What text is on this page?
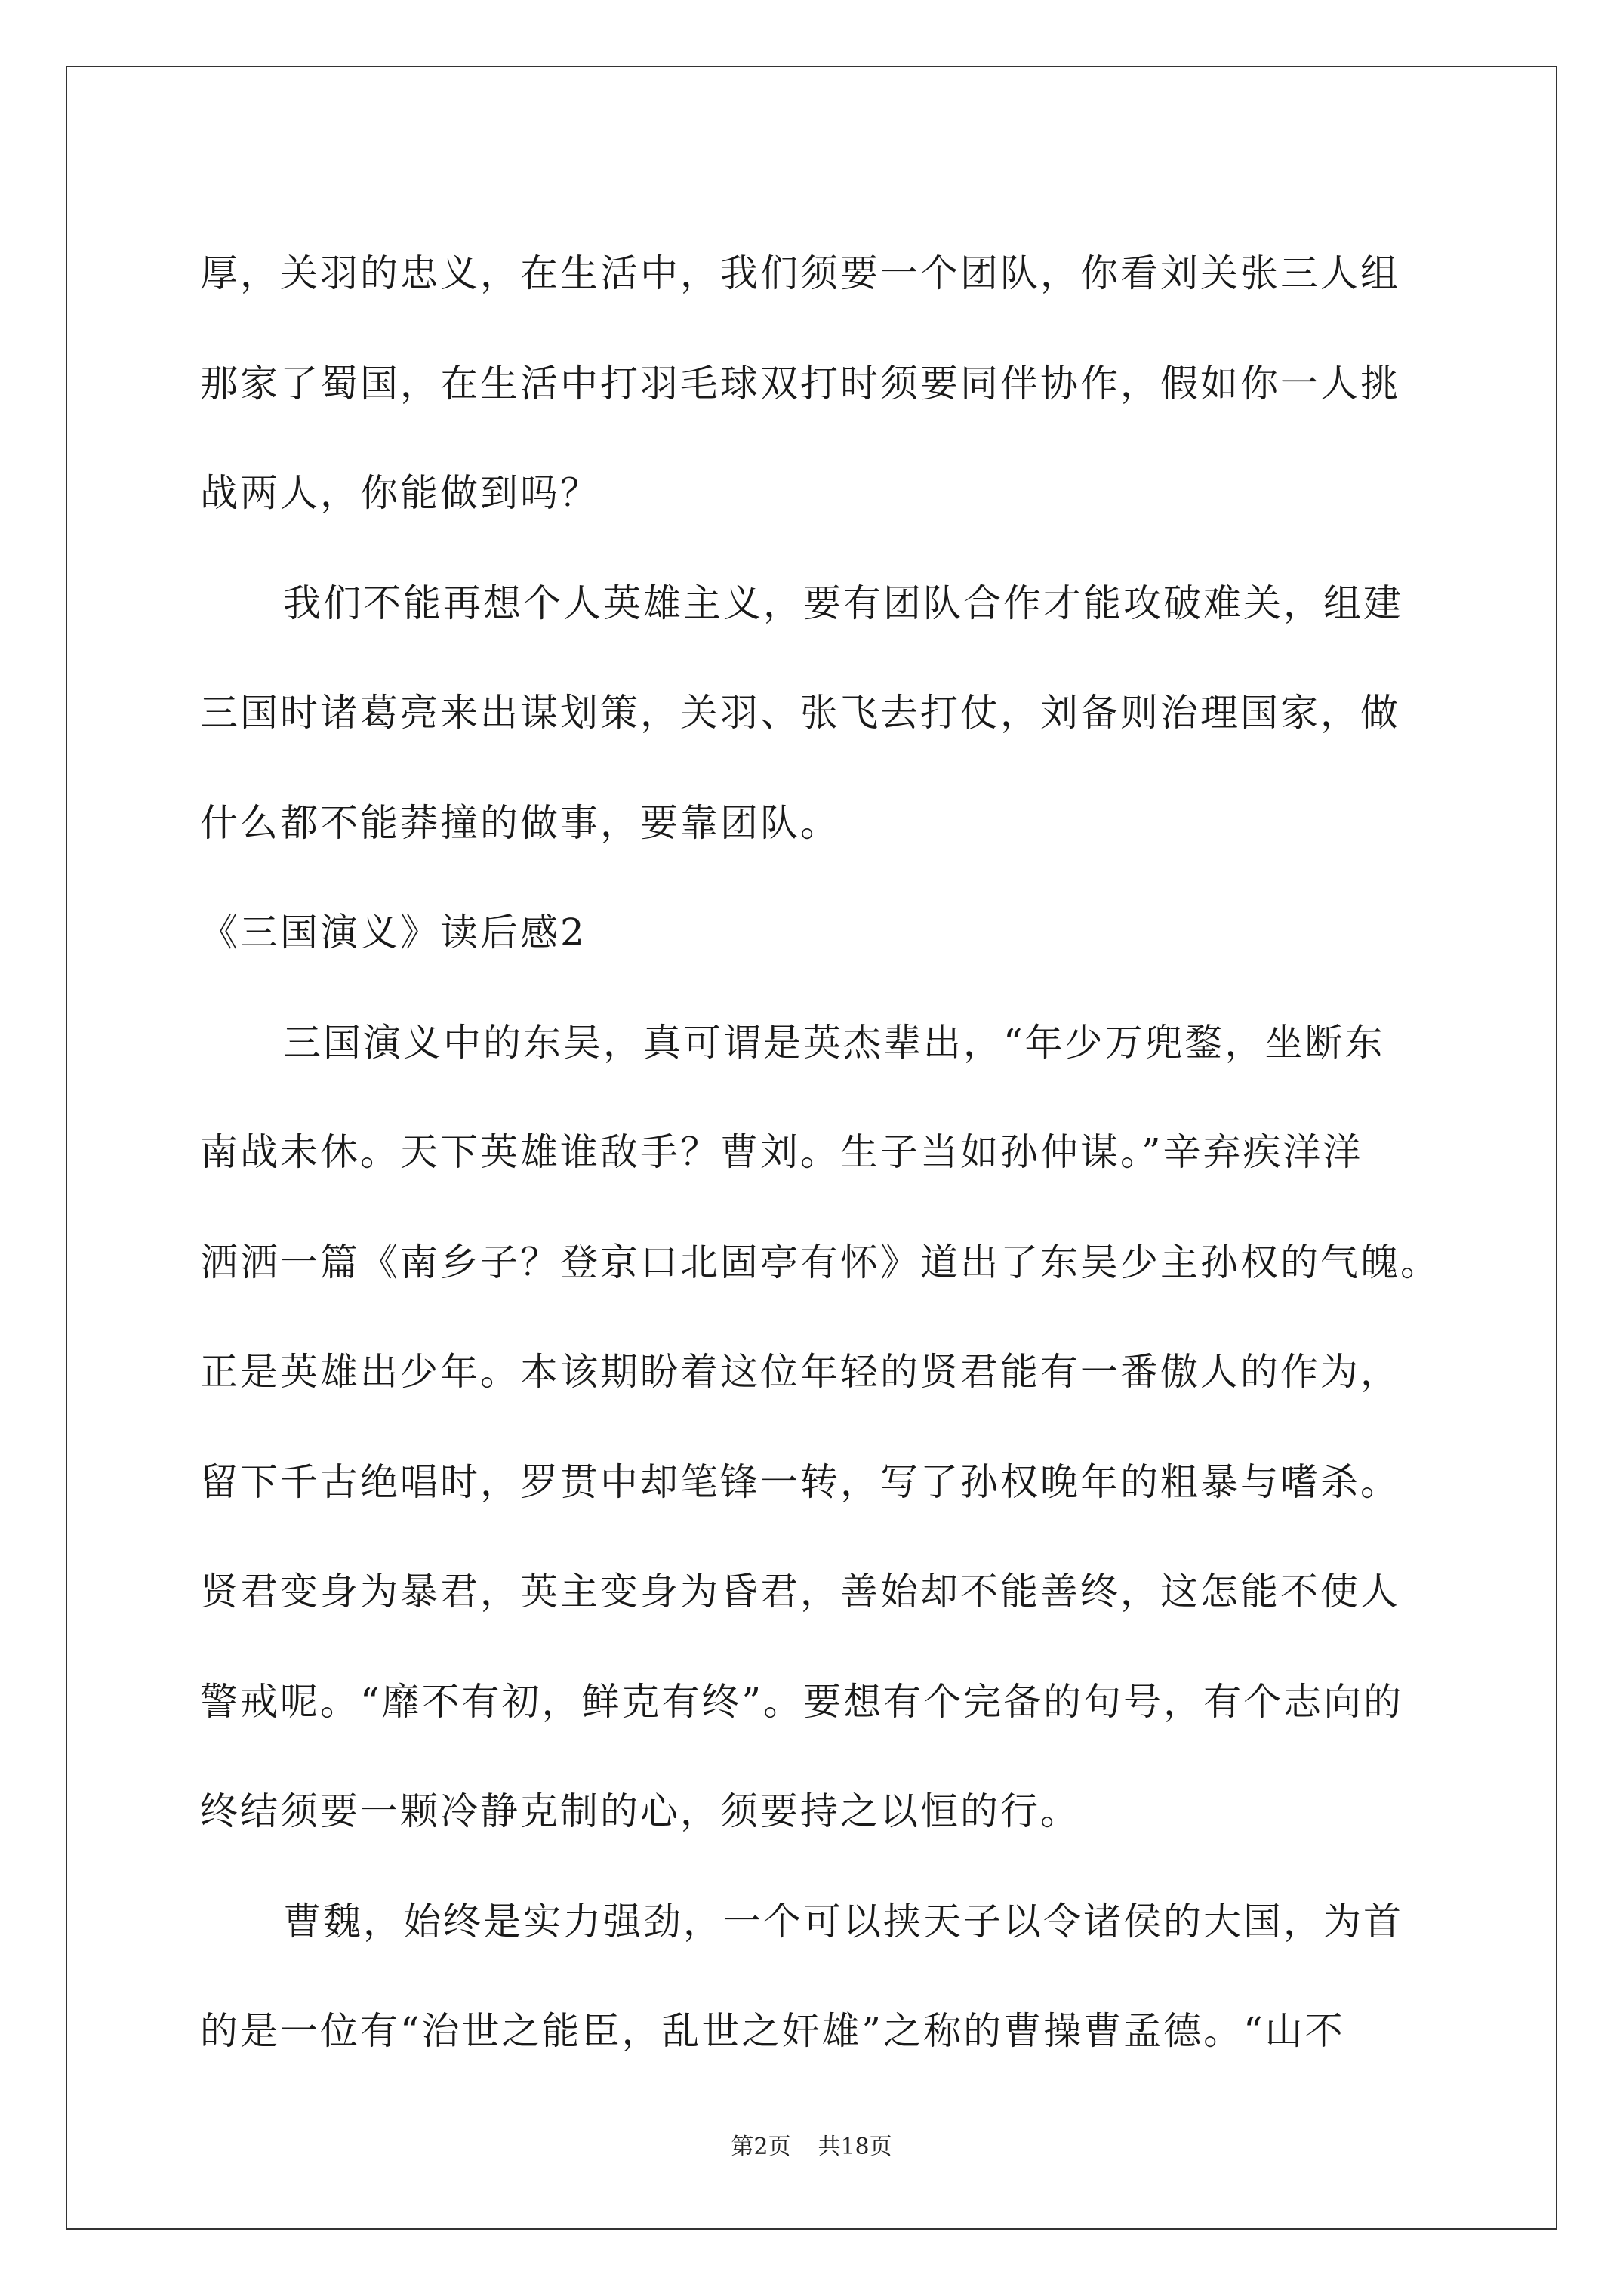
厚，关羽的忠义，在生活中，我们须要一个团队，你看刘关张三人组
那家了蜀国，在生活中打羽毛球双打时须要同伴协作，假如你一人挑
战两人，你能做到吗？
我们不能再想个人英雄主义，要有团队合作才能攻破难关，组建
三国时诸葛亮来出谋划策，关羽、张飞去打仗，刘备则治理国家，做
什么都不能莽撞的做事，要靠团队。
《三国演义》读后感2
三国演义中的东吴，真可谓是英杰辈出，“年少万兜鍪，坐断东
南战未休。天下英雄谁敌手？曹刘。生子当如孙仲谋。”辛弃疾洋洋
洒洒一篇《南乡子？登京口北固亭有怀》道出了东吴少主孙权的气魄。
正是英雄出少年。本该期盼着这位年轻的贤君能有一番傲人的作为，
留下千古绝唱时，罗贯中却笔锋一转，写了孙权晚年的粗暴与嗜杀。
贤君变身为暴君，英主变身为昏君，善始却不能善终，这怎能不使人
警戒呢。“靡不有初，鲜克有终”。要想有个完备的句号，有个志向的
终结须要一颗冷静克制的心，须要持之以恒的行。
曹魏，始终是实力强劲，一个可以挟天子以令诸侯的大国，为首
的是一位有“治世之能臣，乱世之奸雄”之称的曹操曹孟德。“山不
第2页 共18页
